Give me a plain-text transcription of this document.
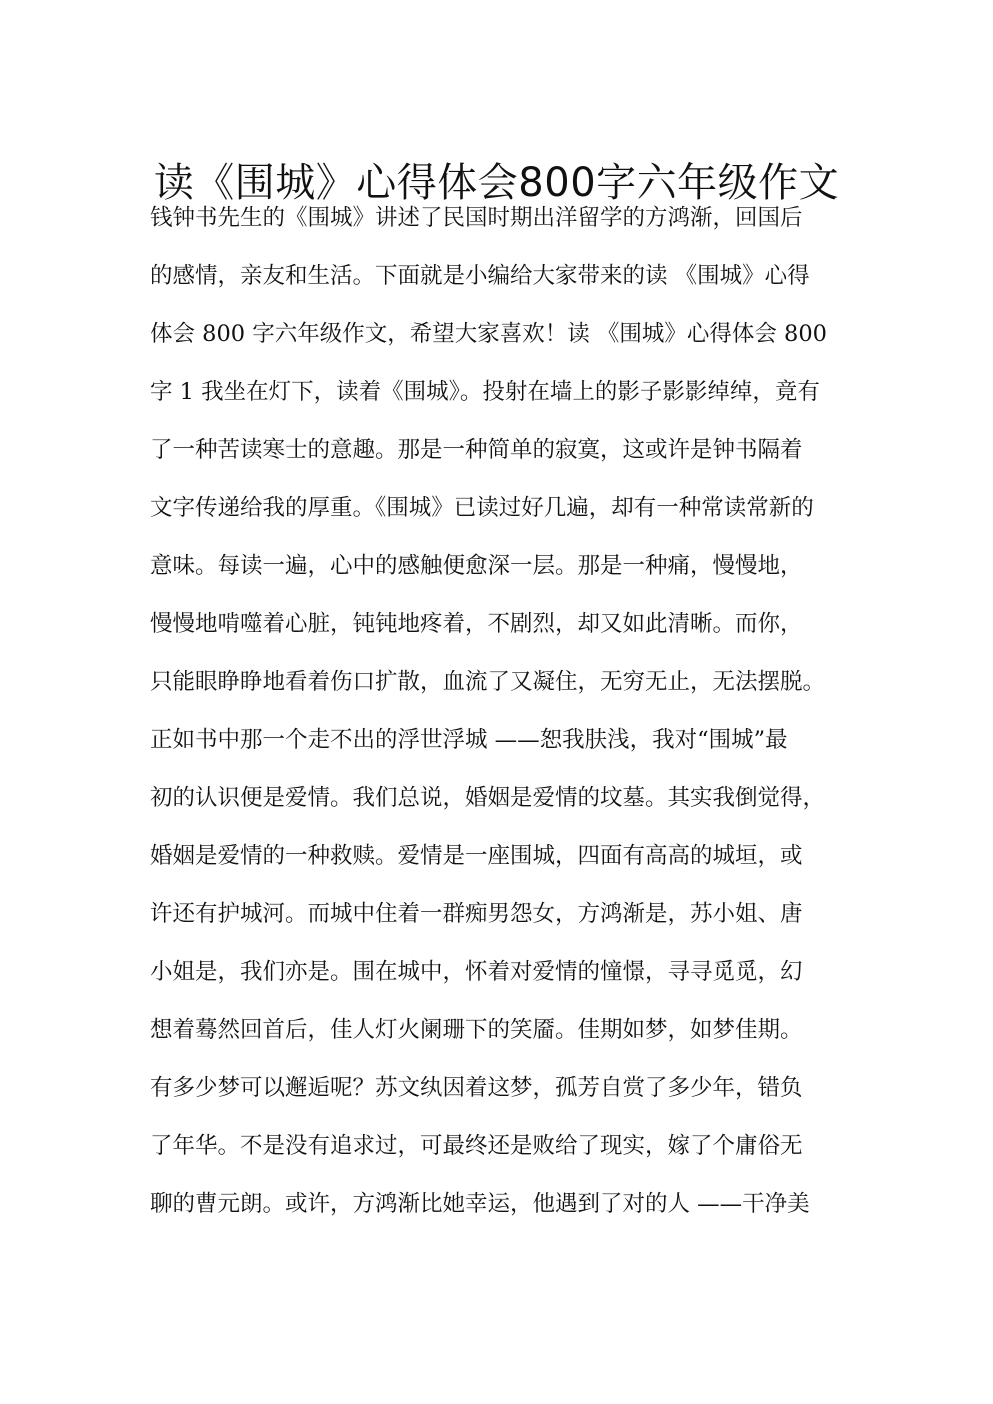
读《围城》心得体会800字六年级作文
钱钟书先生的《围城》讲述了民国时期出洋留学的方鸿渐，回国后
的感情，亲友和生活。下面就是小编给大家带来的读 《围城》心得
体会 800 字六年级作文，希望大家喜欢！读 《围城》心得体会 800
字 1 我坐在灯下，读着《围城》。投射在墙上的影子影影绰绰，竟有
了一种苦读寒士的意趣。那是一种简单的寂寞，这或许是钟书隔着
文字传递给我的厚重。《围城》已读过好几遍，却有一种常读常新的
意味。每读一遍，心中的感触便愈深一层。那是一种痛，慢慢地，
慢慢地啃噬着心脏，钝钝地疼着，不剧烈，却又如此清晰。而你，
只能眼睁睁地看着伤口扩散，血流了又凝住，无穷无止，无法摆脱。
正如书中那一个走不出的浮世浮城 ——恕我肤浅，我对“围城”最
初的认识便是爱情。我们总说，婚姻是爱情的坟墓。其实我倒觉得，
婚姻是爱情的一种救赎。爱情是一座围城，四面有高高的城垣，或
许还有护城河。而城中住着一群痴男怨女，方鸿渐是，苏小姐、唐
小姐是，我们亦是。围在城中，怀着对爱情的憧憬，寻寻觅觅，幻
想着蓦然回首后，佳人灯火阑珊下的笑靥。佳期如梦，如梦佳期。
有多少梦可以邂逅呢？苏文纨因着这梦，孤芳自赏了多少年，错负
了年华。不是没有追求过，可最终还是败给了现实，嫁了个庸俗无
聊的曹元朗。或许，方鸿渐比她幸运，他遇到了对的人 ——干净美
